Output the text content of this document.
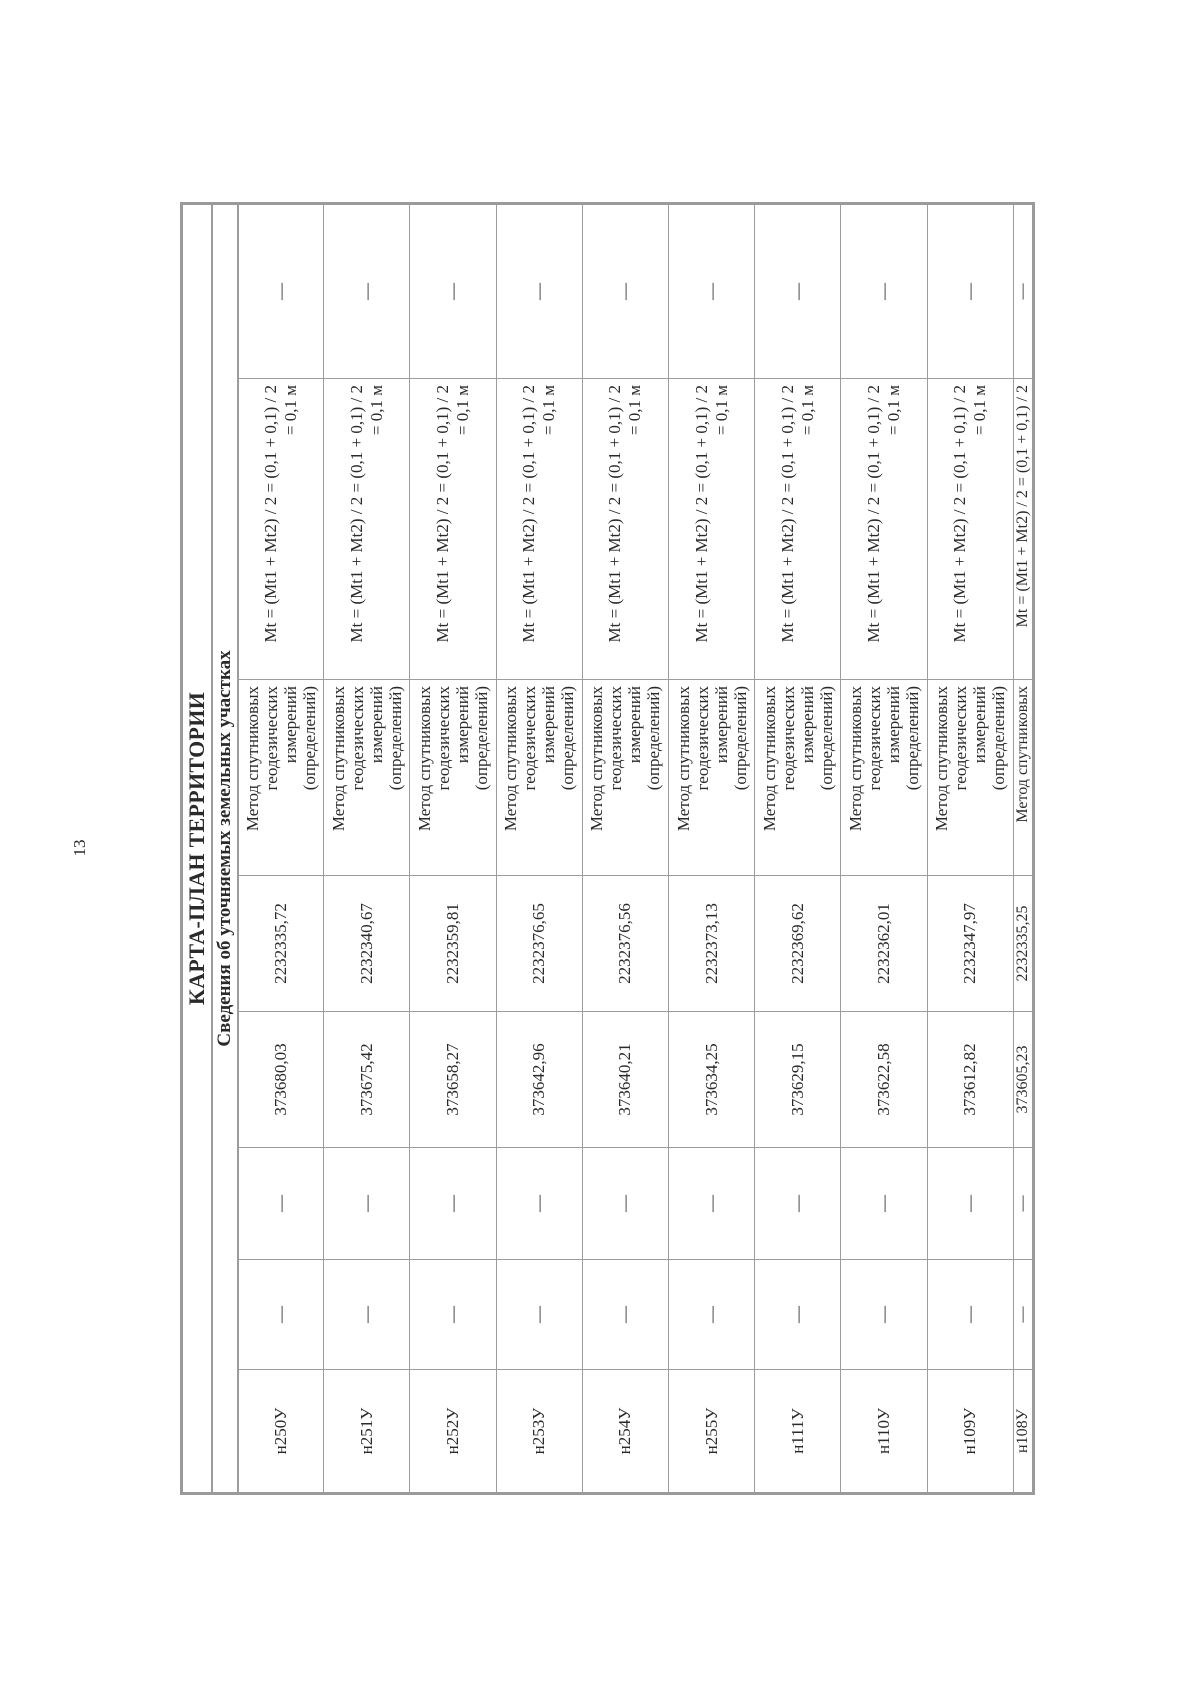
13	КАРТА-ПЛАН ТЕРРИТОРИИ							
Сведения об уточняемых земельных участках							
н250У	—	—	373680,03	2232335,72	Метод спутниковых геодезических измерений (определений)	Mt = (Mt1 + Mt2) / 2 = (0,1 + 0,1) / 2 = 0,1 м	—
н251У	—	—	373675,42	2232340,67	Метод спутниковых геодезических измерений (определений)	Mt = (Mt1 + Mt2) / 2 = (0,1 + 0,1) / 2 = 0,1 м	—
н252У	—	—	373658,27	2232359,81	Метод спутниковых геодезических измерений (определений)	Mt = (Mt1 + Mt2) / 2 = (0,1 + 0,1) / 2 = 0,1 м	—
н253У	—	—	373642,96	2232376,65	Метод спутниковых геодезических измерений (определений)	Mt = (Mt1 + Mt2) / 2 = (0,1 + 0,1) / 2 = 0,1 м	—
н254У	—	—	373640,21	2232376,56	Метод спутниковых геодезических измерений (определений)	Mt = (Mt1 + Mt2) / 2 = (0,1 + 0,1) / 2 = 0,1 м	—
н255У	—	—	373634,25	2232373,13	Метод спутниковых геодезических измерений (определений)	Mt = (Mt1 + Mt2) / 2 = (0,1 + 0,1) / 2 = 0,1 м	—
н111У	—	—	373629,15	2232369,62	Метод спутниковых геодезических измерений (определений)	Mt = (Mt1 + Mt2) / 2 = (0,1 + 0,1) / 2 = 0,1 м	—
н110У	—	—	373622,58	2232362,01	Метод спутниковых геодезических измерений (определений)	Mt = (Mt1 + Mt2) / 2 = (0,1 + 0,1) / 2 = 0,1 м	—
н109У	—	—	373612,82	2232347,97	Метод спутниковых геодезических измерений (определений)	Mt = (Mt1 + Mt2) / 2 = (0,1 + 0,1) / 2 = 0,1 м	—
н108У	—	—	373605,23	2232335,25	Метод спутниковых	Mt = (Mt1 + Mt2) / 2 = (0,1 + 0,1) / 2	—
